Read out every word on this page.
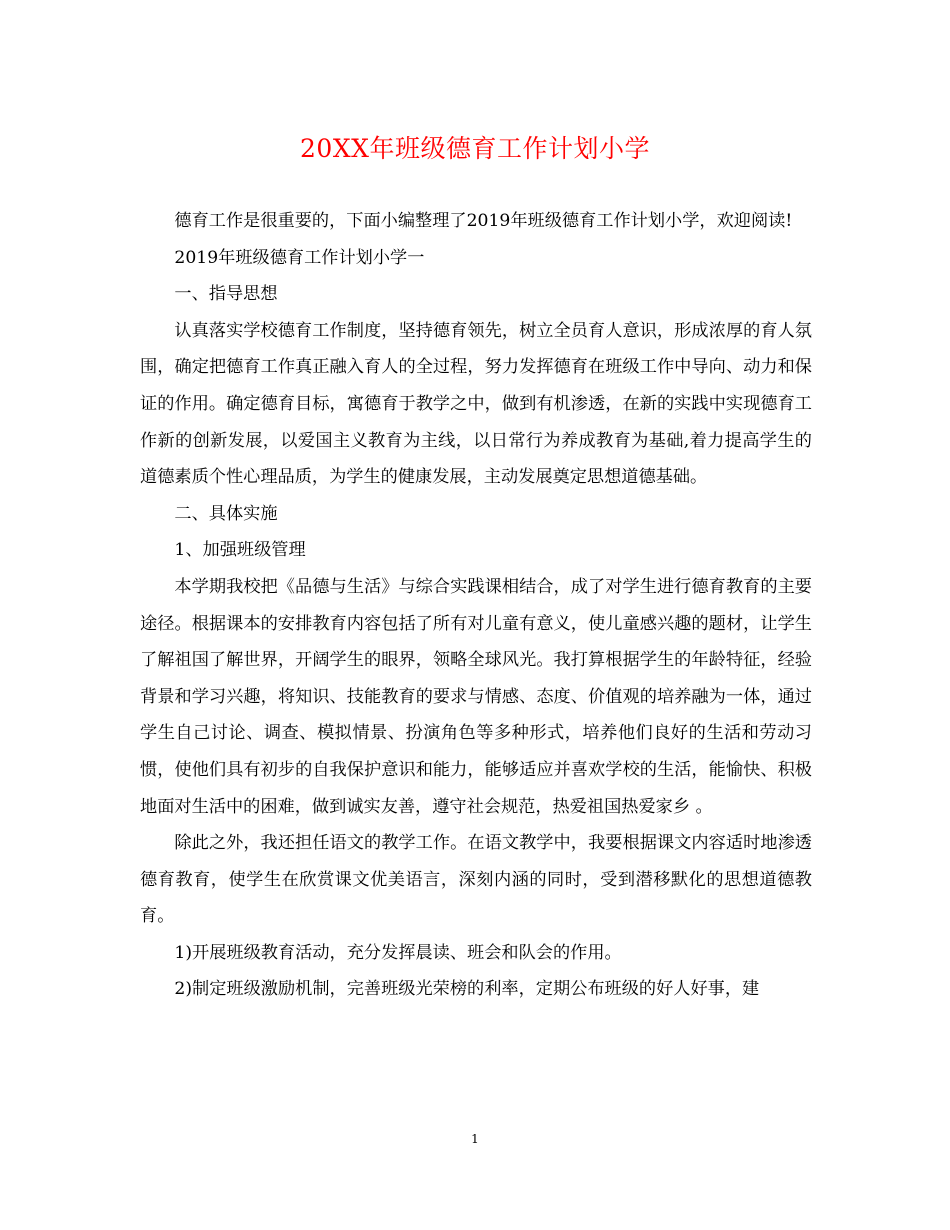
20XX年班级德育工作计划小学

德育工作是很重要的，下面小编整理了2019年班级德育工作计划小学，欢迎阅读!

2019年班级德育工作计划小学一

一、指导思想

认真落实学校德育工作制度，坚持德育领先，树立全员育人意识，形成浓厚的育人氛围，确定把德育工作真正融入育人的全过程，努力发挥德育在班级工作中导向、动力和保证的作用。确定德育目标，寓德育于教学之中，做到有机渗透，在新的实践中实现德育工作新的创新发展，以爱国主义教育为主线，以日常行为养成教育为基础,着力提高学生的道德素质个性心理品质，为学生的健康发展，主动发展奠定思想道德基础。

二、具体实施

1、加强班级管理

本学期我校把《品德与生活》与综合实践课相结合，成了对学生进行德育教育的主要途径。根据课本的安排教育内容包括了所有对儿童有意义，使儿童感兴趣的题材，让学生了解祖国了解世界，开阔学生的眼界，领略全球风光。我打算根据学生的年龄特征，经验背景和学习兴趣，将知识、技能教育的要求与情感、态度、价值观的培养融为一体，通过学生自己讨论、调查、模拟情景、扮演角色等多种形式，培养他们良好的生活和劳动习惯，使他们具有初步的自我保护意识和能力，能够适应并喜欢学校的生活，能愉快、积极地面对生活中的困难，做到诚实友善，遵守社会规范，热爱祖国热爱家乡 。

除此之外，我还担任语文的教学工作。在语文教学中，我要根据课文内容适时地渗透德育教育，使学生在欣赏课文优美语言，深刻内涵的同时，受到潜移默化的思想道德教育。

1)开展班级教育活动，充分发挥晨读、班会和队会的作用。

2)制定班级激励机制，完善班级光荣榜的利率，定期公布班级的好人好事，建

1
